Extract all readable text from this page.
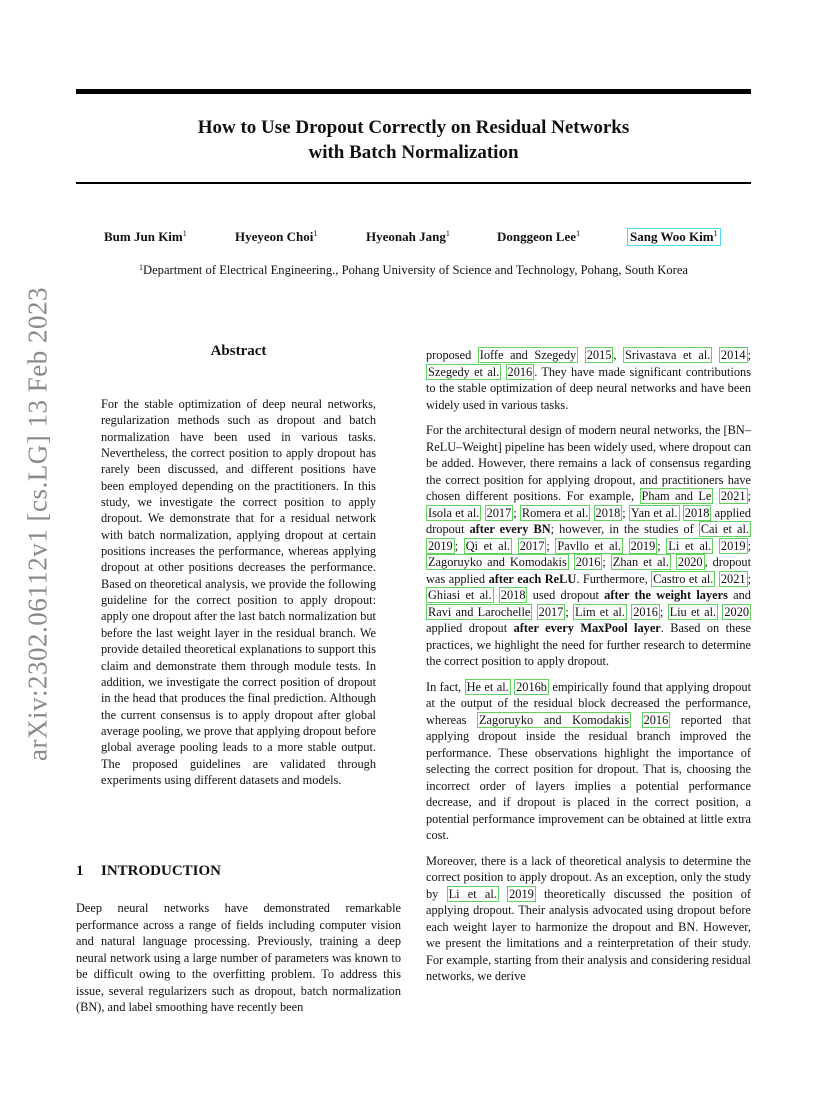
How to Use Dropout Correctly on Residual Networks
with Batch Normalization
Bum Jun Kim$^1$	Hyeyeon Choi$^1$	Hyeonah Jang$^1$	Donggeon Lee$^1$	Sang Woo Kim$^1$
$^1$Department of Electrical Engineering., Pohang University of Science and Technology, Pohang, South Korea
arXiv:2302.06112v1 [cs.LG] 13 Feb 2023	Abstract
For the stable optimization of deep neural networks, regularization methods such as dropout and batch normalization have been used in various tasks. Nevertheless, the correct position to apply dropout has rarely been discussed, and different positions have been employed depending on the practitioners. In this study, we investigate the correct position to apply dropout. We demonstrate that for a residual network with batch normalization, applying dropout at certain positions increases the performance, whereas applying dropout at other positions decreases the performance. Based on theoretical analysis, we provide the following guideline for the correct position to apply dropout: apply one dropout after the last batch normalization but before the last weight layer in the residual branch. We provide detailed theoretical explanations to support this claim and demonstrate them through module tests. In addition, we investigate the correct position of dropout in the head that produces the final prediction. Although the current consensus is to apply dropout after global average pooling, we prove that applying dropout before global average pooling leads to a more stable output. The proposed guidelines are validated through experiments using different datasets and models.
1 INTRODUCTION
Deep neural networks have demonstrated remarkable performance across a range of fields including computer vision and natural language processing. Previously, training a deep neural network using a large number of parameters was known to be difficult owing to the overfitting problem. To address this issue, several regularizers such as dropout, batch normalization (BN), and label smoothing have recently been

proposed Ioffe and Szegedy 2015 , Srivastava et al. 2014 ; Szegedy et al. 2016 . They have made significant contributions to the stable optimization of deep neural networks and have been widely used in various tasks.

For the architectural design of modern neural networks, the [BN–ReLU–Weight] pipeline has been widely used, where dropout can be added. However, there remains a lack of consensus regarding the correct position for applying dropout, and practitioners have chosen different positions. For example, Pham and Le 2021 ; Isola et al. 2017 ; Romera et al. 2018 ; Yan et al. 2018 applied dropout after every BN; however, in the studies of Cai et al. 2019 ; Qi et al. 2017 ; Pavllo et al. 2019 ; Li et al. 2019 ; Zagoruyko and Komodakis 2016 ; Zhan et al. 2020 , dropout was applied after each ReLU. Furthermore, Castro et al. 2021 ; Ghiasi et al. 2018 used dropout after the weight layers and Ravi and Larochelle 2017 ; Lim et al. 2016 ; Liu et al. 2020 applied dropout after every MaxPool layer. Based on these practices, we highlight the need for further research to determine the correct position to apply dropout.

In fact, He et al. 2016b empirically found that applying dropout at the output of the residual block decreased the performance, whereas Zagoruyko and Komodakis 2016 reported that applying dropout inside the residual branch improved the performance. These observations highlight the importance of selecting the correct position for dropout. That is, choosing the incorrect order of layers implies a potential performance decrease, and if dropout is placed in the correct position, a potential performance improvement can be obtained at little extra cost.

Moreover, there is a lack of theoretical analysis to determine the correct position to apply dropout. As an exception, only the study by Li et al. 2019 theoretically discussed the position of applying dropout. Their analysis advocated using dropout before each weight layer to harmonize the dropout and BN. However, we present the limitations and a reinterpretation of their study. For example, starting from their analysis and considering residual networks, we derive
